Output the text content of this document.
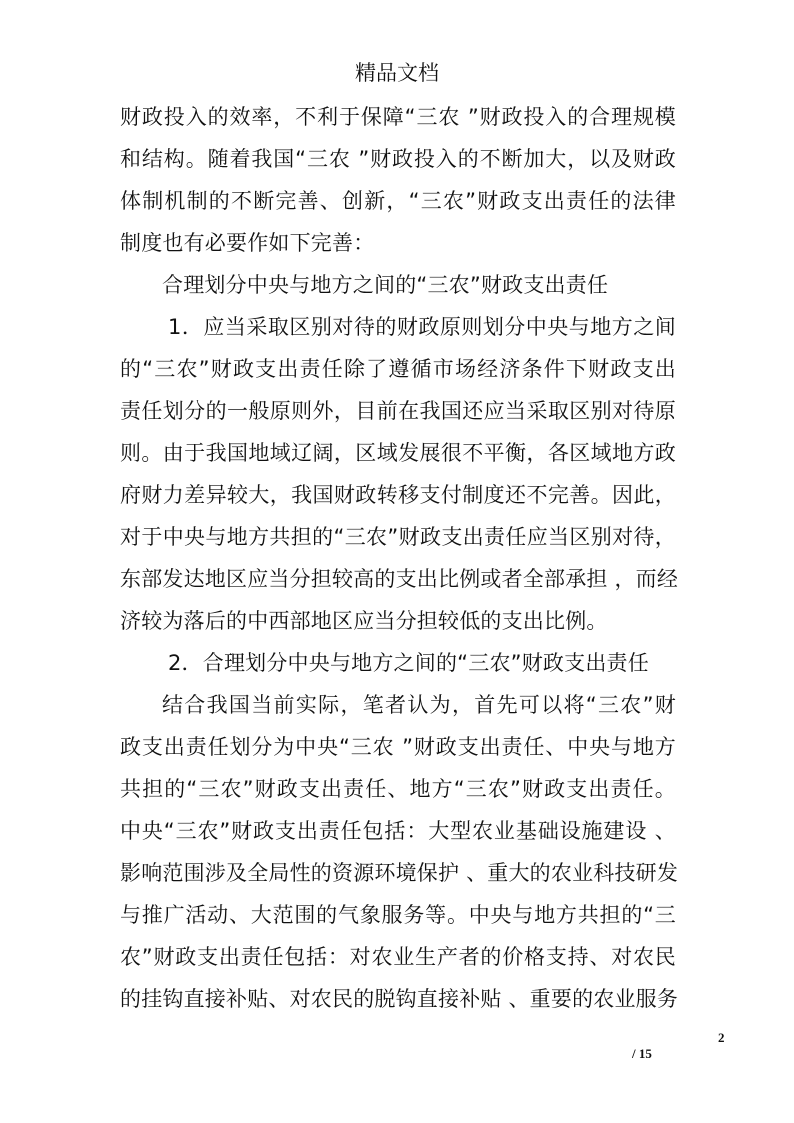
精品文档
财政投入的效率，不利于保障“三农 ”财政投入的合理规模
和结构。随着我国“三农 ”财政投入的不断加大，以及财政
体制机制的不断完善、创新，“三农”财政支出责任的法律
制度也有必要作如下完善：
合理划分中央与地方之间的“三农”财政支出责任
1．应当采取区别对待的财政原则划分中央与地方之间
的“三农”财政支出责任除了遵循市场经济条件下财政支出
责任划分的一般原则外，目前在我国还应当采取区别对待原
则。由于我国地域辽阔，区域发展很不平衡，各区域地方政
府财力差异较大，我国财政转移支付制度还不完善。因此，
对于中央与地方共担的“三农”财政支出责任应当区别对待，
东部发达地区应当分担较高的支出比例或者全部承担 ，而经
济较为落后的中西部地区应当分担较低的支出比例。
2．合理划分中央与地方之间的“三农”财政支出责任
结合我国当前实际，笔者认为，首先可以将“三农”财
政支出责任划分为中央“三农 ”财政支出责任、中央与地方
共担的“三农”财政支出责任、地方“三农”财政支出责任。
中央“三农”财政支出责任包括：大型农业基础设施建设 、
影响范围涉及全局性的资源环境保护 、重大的农业科技研发
与推广活动、大范围的气象服务等。中央与地方共担的“三
农”财政支出责任包括：对农业生产者的价格支持、对农民
的挂钩直接补贴、对农民的脱钩直接补贴 、重要的农业服务
2
/ 15
